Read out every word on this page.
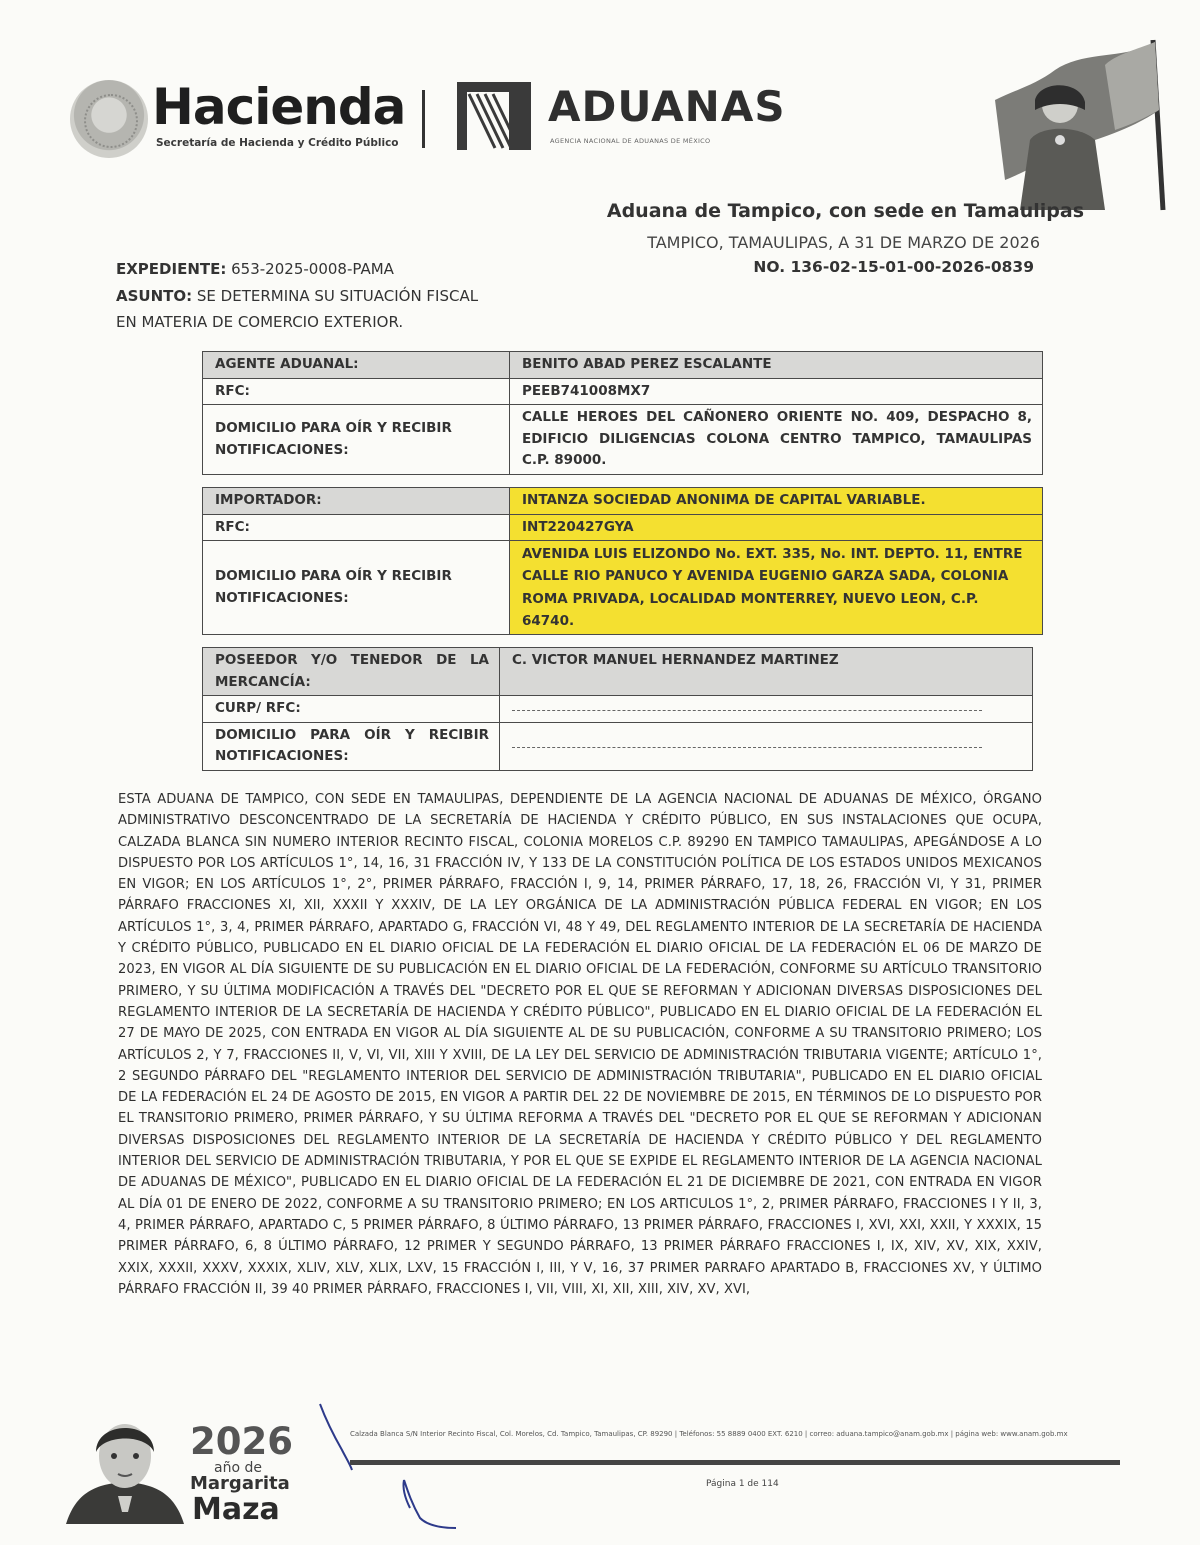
Hacienda
Secretaría de Hacienda y Crédito Público
ADUANAS
AGENCIA NACIONAL DE ADUANAS DE MÉXICO
Aduana de Tampico, con sede en Tamaulipas
TAMPICO, TAMAULIPAS, A 31 DE MARZO DE 2026
NO. 136-02-15-01-00-2026-0839
EXPEDIENTE: 653-2025-0008-PAMA
ASUNTO: SE DETERMINA SU SITUACIÓN FISCAL
EN MATERIA DE COMERCIO EXTERIOR.
AGENTE ADUANAL:	BENITO ABAD PEREZ ESCALANTE
RFC:	PEEB741008MX7
DOMICILIO PARA OÍR Y RECIBIR NOTIFICACIONES:	CALLE HEROES DEL CAÑONERO ORIENTE NO. 409, DESPACHO 8, EDIFICIO DILIGENCIAS COLONA CENTRO TAMPICO, TAMAULIPAS C.P. 89000.
IMPORTADOR:	INTANZA SOCIEDAD ANONIMA DE CAPITAL VARIABLE.
RFC:	INT220427GYA
DOMICILIO PARA OÍR Y RECIBIR NOTIFICACIONES:	AVENIDA LUIS ELIZONDO No. EXT. 335, No. INT. DEPTO. 11, ENTRE CALLE RIO PANUCO Y AVENIDA EUGENIO GARZA SADA, COLONIA ROMA PRIVADA, LOCALIDAD MONTERREY, NUEVO LEON, C.P. 64740.
POSEEDOR Y/O TENEDOR DE LA MERCANCÍA:	C. VICTOR MANUEL HERNANDEZ MARTINEZ
CURP/ RFC:	
DOMICILIO PARA OÍR Y RECIBIR NOTIFICACIONES:	
ESTA ADUANA DE TAMPICO, CON SEDE EN TAMAULIPAS, DEPENDIENTE DE LA AGENCIA NACIONAL DE ADUANAS DE MÉXICO, ÓRGANO ADMINISTRATIVO DESCONCENTRADO DE LA SECRETARÍA DE HACIENDA Y CRÉDITO PÚBLICO, EN SUS INSTALACIONES QUE OCUPA, CALZADA BLANCA SIN NUMERO INTERIOR RECINTO FISCAL, COLONIA MORELOS C.P. 89290 EN TAMPICO TAMAULIPAS, APEGÁNDOSE A LO DISPUESTO POR LOS ARTÍCULOS 1°, 14, 16, 31 FRACCIÓN IV, Y 133 DE LA CONSTITUCIÓN POLÍTICA DE LOS ESTADOS UNIDOS MEXICANOS EN VIGOR; EN LOS ARTÍCULOS 1°, 2°, PRIMER PÁRRAFO, FRACCIÓN I, 9, 14, PRIMER PÁRRAFO, 17, 18, 26, FRACCIÓN VI, Y 31, PRIMER PÁRRAFO FRACCIONES XI, XII, XXXII Y XXXIV, DE LA LEY ORGÁNICA DE LA ADMINISTRACIÓN PÚBLICA FEDERAL EN VIGOR; EN LOS ARTÍCULOS 1°, 3, 4, PRIMER PÁRRAFO, APARTADO G, FRACCIÓN VI, 48 Y 49, DEL REGLAMENTO INTERIOR DE LA SECRETARÍA DE HACIENDA Y CRÉDITO PÚBLICO, PUBLICADO EN EL DIARIO OFICIAL DE LA FEDERACIÓN EL DIARIO OFICIAL DE LA FEDERACIÓN EL 06 DE MARZO DE 2023, EN VIGOR AL DÍA SIGUIENTE DE SU PUBLICACIÓN EN EL DIARIO OFICIAL DE LA FEDERACIÓN, CONFORME SU ARTÍCULO TRANSITORIO PRIMERO, Y SU ÚLTIMA MODIFICACIÓN A TRAVÉS DEL "DECRETO POR EL QUE SE REFORMAN Y ADICIONAN DIVERSAS DISPOSICIONES DEL REGLAMENTO INTERIOR DE LA SECRETARÍA DE HACIENDA Y CRÉDITO PÚBLICO", PUBLICADO EN EL DIARIO OFICIAL DE LA FEDERACIÓN EL 27 DE MAYO DE 2025, CON ENTRADA EN VIGOR AL DÍA SIGUIENTE AL DE SU PUBLICACIÓN, CONFORME A SU TRANSITORIO PRIMERO; LOS ARTÍCULOS 2, Y 7, FRACCIONES II, V, VI, VII, XIII Y XVIII, DE LA LEY DEL SERVICIO DE ADMINISTRACIÓN TRIBUTARIA VIGENTE; ARTÍCULO 1°, 2 SEGUNDO PÁRRAFO DEL "REGLAMENTO INTERIOR DEL SERVICIO DE ADMINISTRACIÓN TRIBUTARIA", PUBLICADO EN EL DIARIO OFICIAL DE LA FEDERACIÓN EL 24 DE AGOSTO DE 2015, EN VIGOR A PARTIR DEL 22 DE NOVIEMBRE DE 2015, EN TÉRMINOS DE LO DISPUESTO POR EL TRANSITORIO PRIMERO, PRIMER PÁRRAFO, Y SU ÚLTIMA REFORMA A TRAVÉS DEL "DECRETO POR EL QUE SE REFORMAN Y ADICIONAN DIVERSAS DISPOSICIONES DEL REGLAMENTO INTERIOR DE LA SECRETARÍA DE HACIENDA Y CRÉDITO PÚBLICO Y DEL REGLAMENTO INTERIOR DEL SERVICIO DE ADMINISTRACIÓN TRIBUTARIA, Y POR EL QUE SE EXPIDE EL REGLAMENTO INTERIOR DE LA AGENCIA NACIONAL DE ADUANAS DE MÉXICO", PUBLICADO EN EL DIARIO OFICIAL DE LA FEDERACIÓN EL 21 DE DICIEMBRE DE 2021, CON ENTRADA EN VIGOR AL DÍA 01 DE ENERO DE 2022, CONFORME A SU TRANSITORIO PRIMERO; EN LOS ARTICULOS 1°, 2, PRIMER PÁRRAFO, FRACCIONES I Y II, 3, 4, PRIMER PÁRRAFO, APARTADO C, 5 PRIMER PÁRRAFO, 8 ÚLTIMO PÁRRAFO, 13 PRIMER PÁRRAFO, FRACCIONES I, XVI, XXI, XXII, Y XXXIX, 15 PRIMER PÁRRAFO, 6, 8 ÚLTIMO PÁRRAFO, 12 PRIMER Y SEGUNDO PÁRRAFO, 13 PRIMER PÁRRAFO FRACCIONES I, IX, XIV, XV, XIX, XXIV, XXIX, XXXII, XXXV, XXXIX, XLIV, XLV, XLIX, LXV, 15 FRACCIÓN I, III, Y V, 16, 37 PRIMER PARRAFO APARTADO B, FRACCIONES XV, Y ÚLTIMO PÁRRAFO FRACCIÓN II, 39 40 PRIMER PÁRRAFO, FRACCIONES I, VII, VIII, XI, XII, XIII, XIV, XV, XVI,
2026
año de
Margarita
Maza
Calzada Blanca S/N Interior Recinto Fiscal, Col. Morelos, Cd. Tampico, Tamaulipas, CP. 89290 | Teléfonos: 55 8889 0400 EXT. 6210 | correo: aduana.tampico@anam.gob.mx | página web: www.anam.gob.mx
Página 1 de 114
